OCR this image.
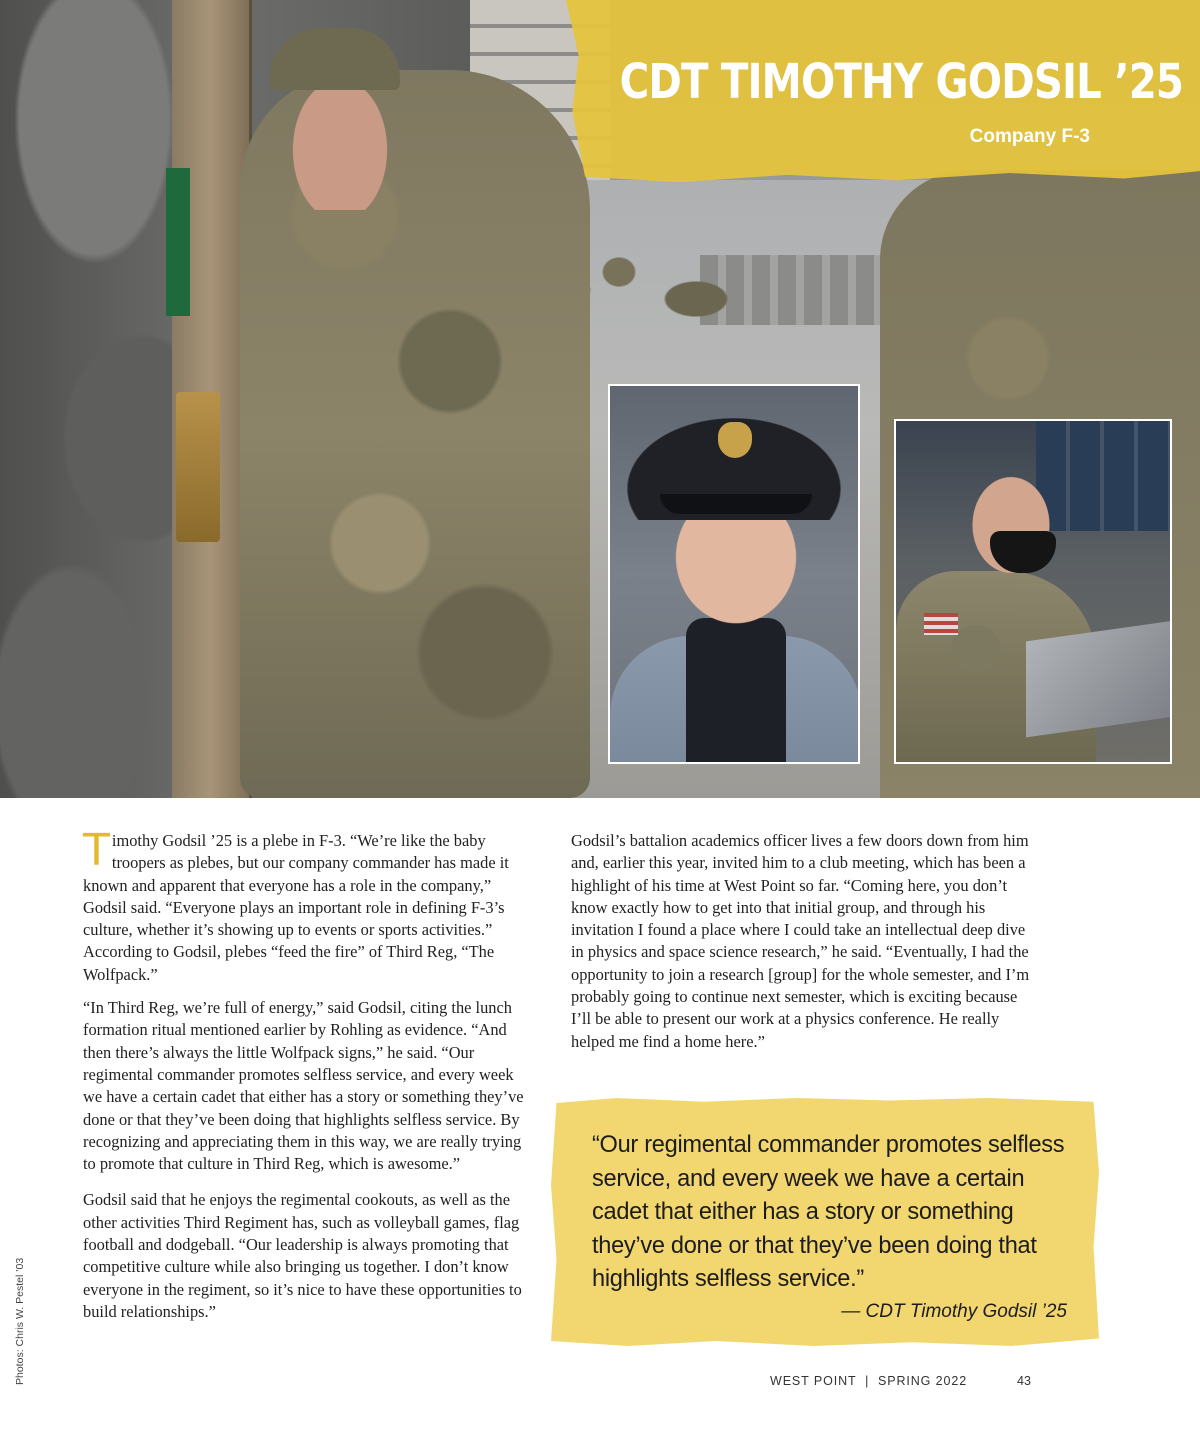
CDT TIMOTHY GODSIL ’25
Company F-3

Timothy Godsil ’25 is a plebe in F-3. “We’re like the baby troopers as plebes, but our company commander has made it known and apparent that everyone has a role in the company,” Godsil said. “Everyone plays an important role in defining F-3’s culture, whether it’s showing up to events or sports activities.” According to Godsil, plebes “feed the fire” of Third Reg, “The Wolfpack.”

“In Third Reg, we’re full of energy,” said Godsil, citing the lunch formation ritual mentioned earlier by Rohling as evidence. “And then there’s always the little Wolfpack signs,” he said. “Our regimental commander promotes selfless service, and every week we have a certain cadet that either has a story or something they’ve done or that they’ve been doing that highlights selfless service. By recognizing and appreciating them in this way, we are really trying to promote that culture in Third Reg, which is awesome.”

Godsil said that he enjoys the regimental cookouts, as well as the other activities Third Regiment has, such as volleyball games, flag football and dodgeball. “Our leadership is always promoting that competitive culture while also bringing us together. I don’t know everyone in the regiment, so it’s nice to have these opportunities to build relationships.”

Godsil’s battalion academics officer lives a few doors down from him and, earlier this year, invited him to a club meeting, which has been a highlight of his time at West Point so far. “Coming here, you don’t know exactly how to get into that initial group, and through his invitation I found a place where I could take an intellectual deep dive in physics and space science research,” he said. “Eventually, I had the opportunity to join a research [group] for the whole semester, and I’m probably going to continue next semester, which is exciting because I’ll be able to present our work at a physics conference. He really helped me find a home here.”

“Our regimental commander promotes selfless service, and every week we have a certain cadet that either has a story or something they’ve done or that they’ve been doing that highlights selfless service.”
— CDT Timothy Godsil ’25
Photos: Chris W. Pestel ’03	WEST POINT  |  SPRING 2022	43
